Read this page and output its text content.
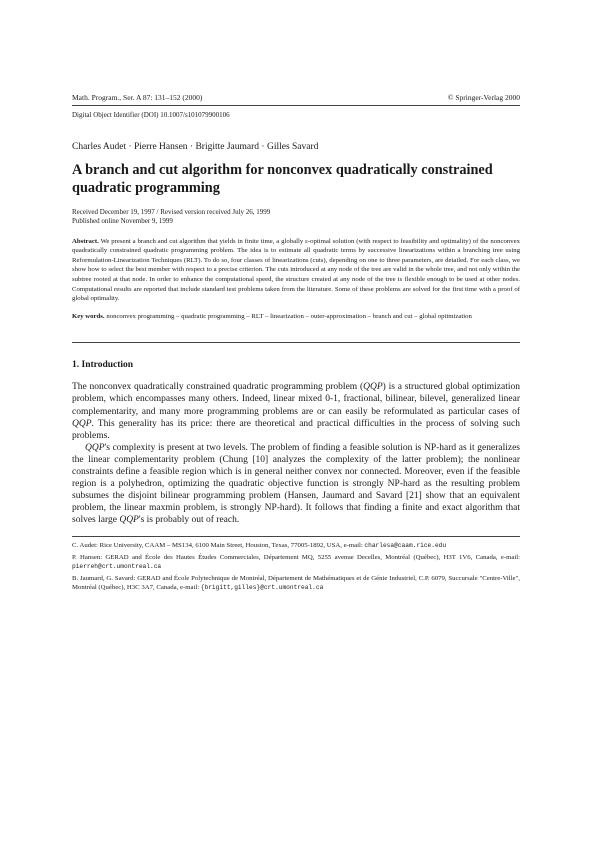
Math. Program., Ser. A 87: 131–152 (2000)	© Springer-Verlag 2000
Digital Object Identifier (DOI) 10.1007/s101079900106
Charles Audet · Pierre Hansen · Brigitte Jaumard · Gilles Savard
A branch and cut algorithm for nonconvex quadratically constrained quadratic programming
Received December 19, 1997 / Revised version received July 26, 1999
Published online November 9, 1999
Abstract. We present a branch and cut algorithm that yields in finite time, a globally ε-optimal solution (with respect to feasibility and optimality) of the nonconvex quadratically constrained quadratic programming problem. The idea is to estimate all quadratic terms by successive linearizations within a branching tree using Reformulation-Linearization Techniques (RLT). To do so, four classes of linearizations (cuts), depending on one to three parameters, are detailed. For each class, we show how to select the best member with respect to a precise criterion. The cuts introduced at any node of the tree are valid in the whole tree, and not only within the subtree rooted at that node. In order to enhance the computational speed, the structure created at any node of the tree is flexible enough to be used at other nodes. Computational results are reported that include standard test problems taken from the literature. Some of these problems are solved for the first time with a proof of global optimality.
Key words. nonconvex programming – quadratic programming – RLT – linearization – outer-approximation – branch and cut – global optimization
1. Introduction

The nonconvex quadratically constrained quadratic programming problem (QQP) is a structured global optimization problem, which encompasses many others. Indeed, linear mixed 0-1, fractional, bilinear, bilevel, generalized linear complementarity, and many more programming problems are or can easily be reformulated as particular cases of QQP. This generality has its price: there are theoretical and practical difficulties in the process of solving such problems.

QQP's complexity is present at two levels. The problem of finding a feasible solution is NP-hard as it generalizes the linear complementarity problem (Chung [10] analyzes the complexity of the latter problem); the nonlinear constraints define a feasible region which is in general neither convex nor connected. Moreover, even if the feasible region is a polyhedron, optimizing the quadratic objective function is strongly NP-hard as the resulting problem subsumes the disjoint bilinear programming problem (Hansen, Jaumard and Savard [21] show that an equivalent problem, the linear maxmin problem, is strongly NP-hard). It follows that finding a finite and exact algorithm that solves large QQP's is probably out of reach.

C. Audet: Rice University, CAAM – MS134, 6100 Main Street, Houston, Texas, 77005-1892, USA, e-mail: charlesa@caam.rice.edu

P. Hansen: GERAD and École des Hautes Études Commerciales, Département MQ, 5255 avenue Decelles, Montréal (Québec), H3T 1V6, Canada, e-mail: pierreh@crt.umontreal.ca

B. Jaumard, G. Savard: GERAD and École Polytechnique de Montréal, Département de Mathématiques et de Génie Industriel, C.P. 6079, Succursale "Centre-Ville", Montréal (Québec), H3C 3A7, Canada, e-mail: {brigitt,gilles}@crt.umontreal.ca
